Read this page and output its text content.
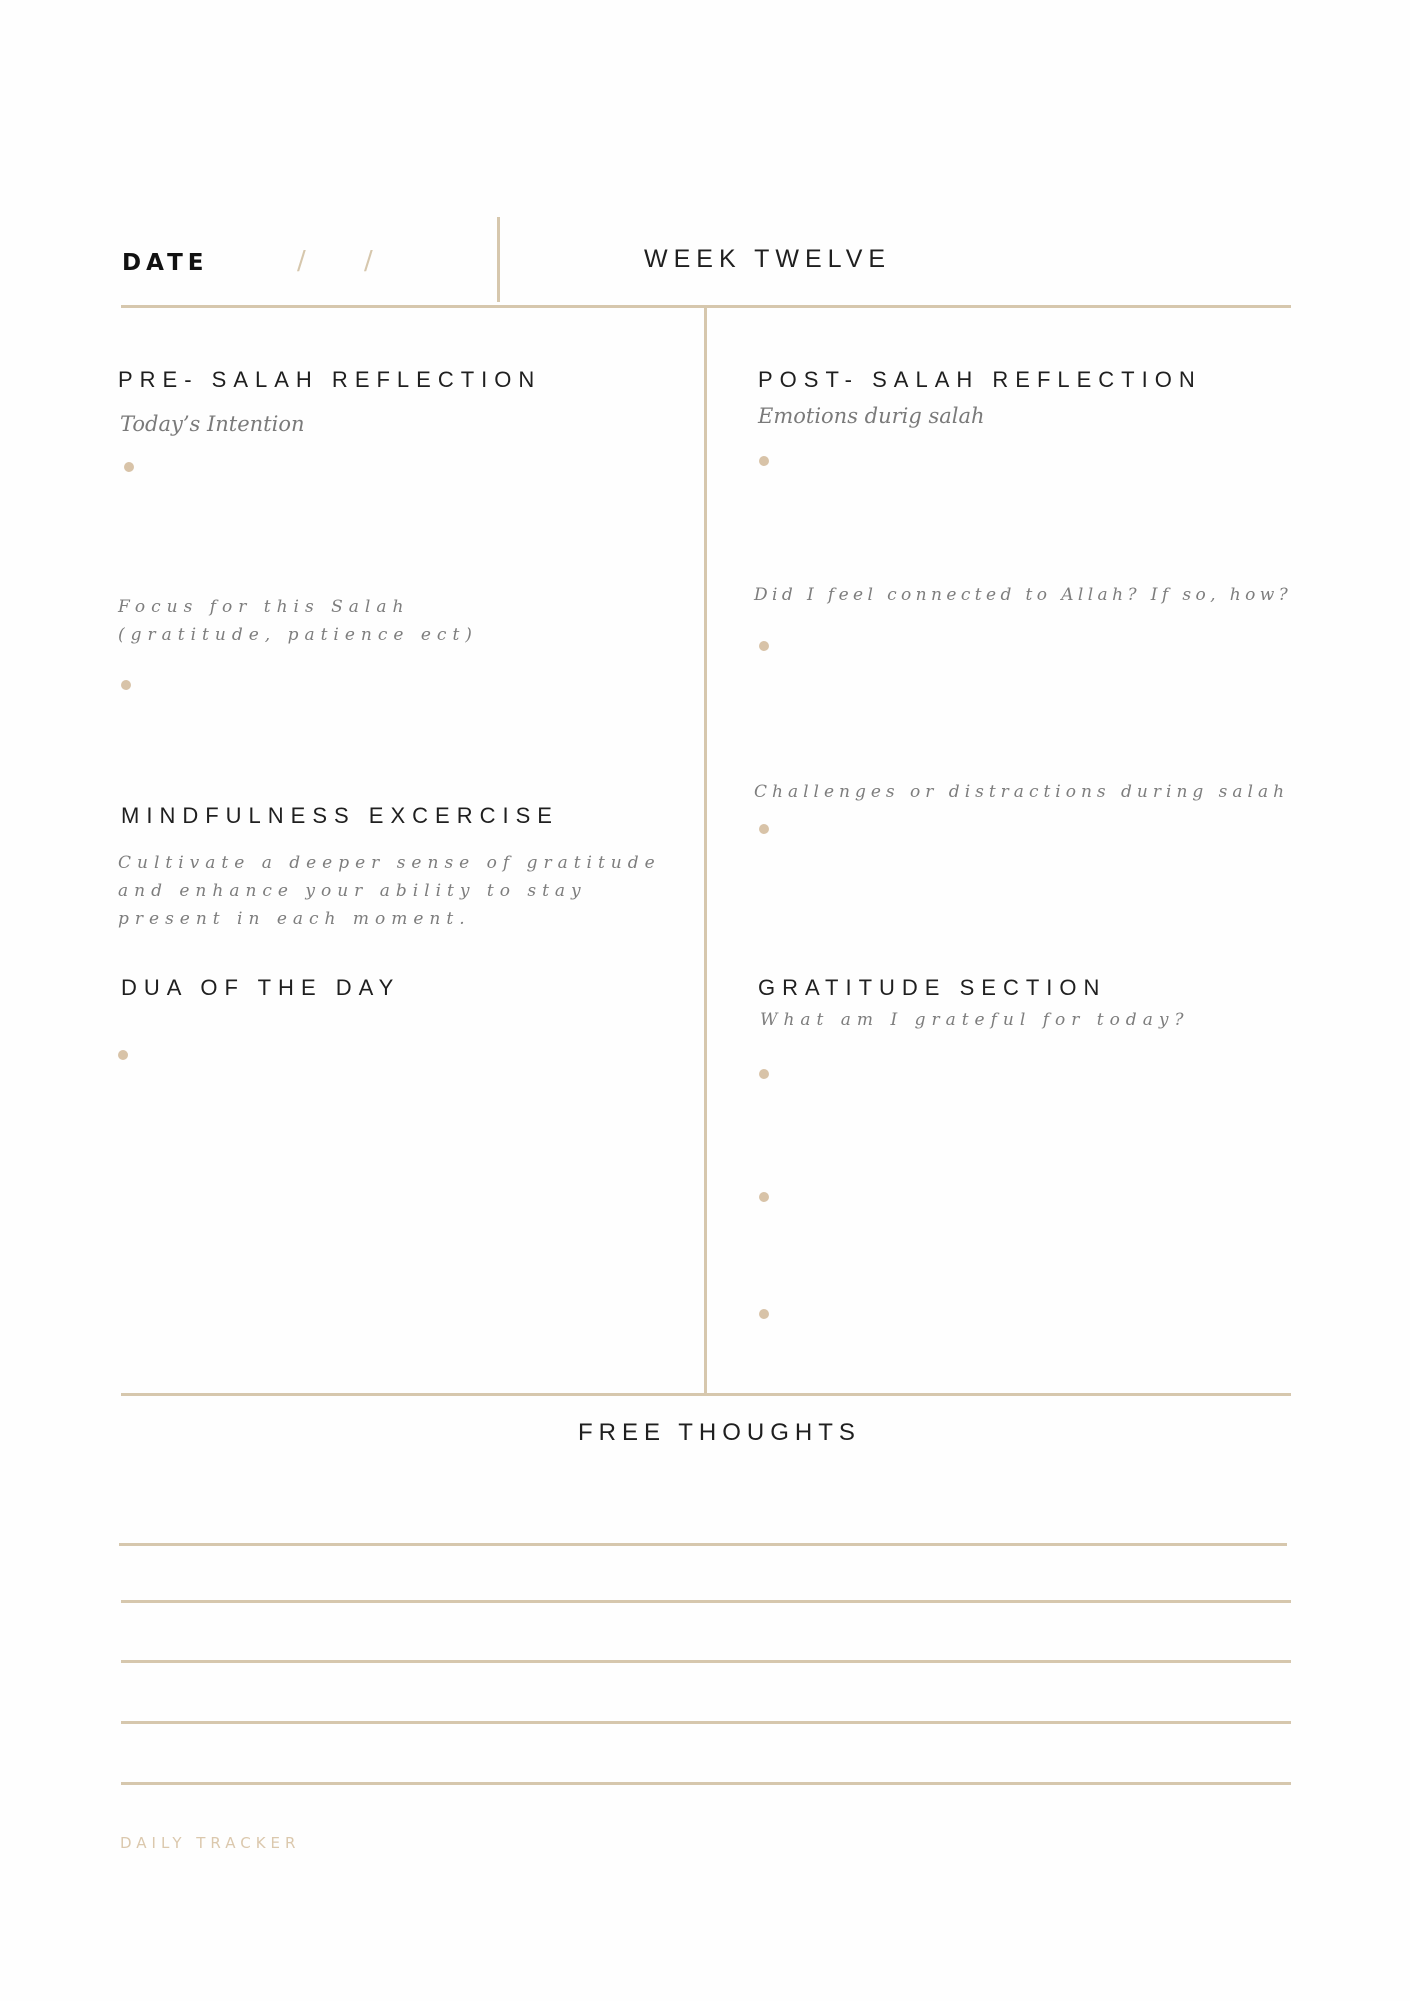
DATE	/ /	WEEK TWELVE
PRE- SALAH REFLECTION
Today’s Intention
Focus for this Salah
(gratitude, patience ect)
MINDFULNESS EXCERCISE
Cultivate a deeper sense of gratitude and enhance your ability to stay present in each moment.
DUA OF THE DAY
POST- SALAH REFLECTION
Emotions durig salah
Did I feel connected to Allah? If so, how?
Challenges or distractions during salah
GRATITUDE SECTION
What am I grateful for today?
FREE THOUGHTS
DAILY TRACKER
